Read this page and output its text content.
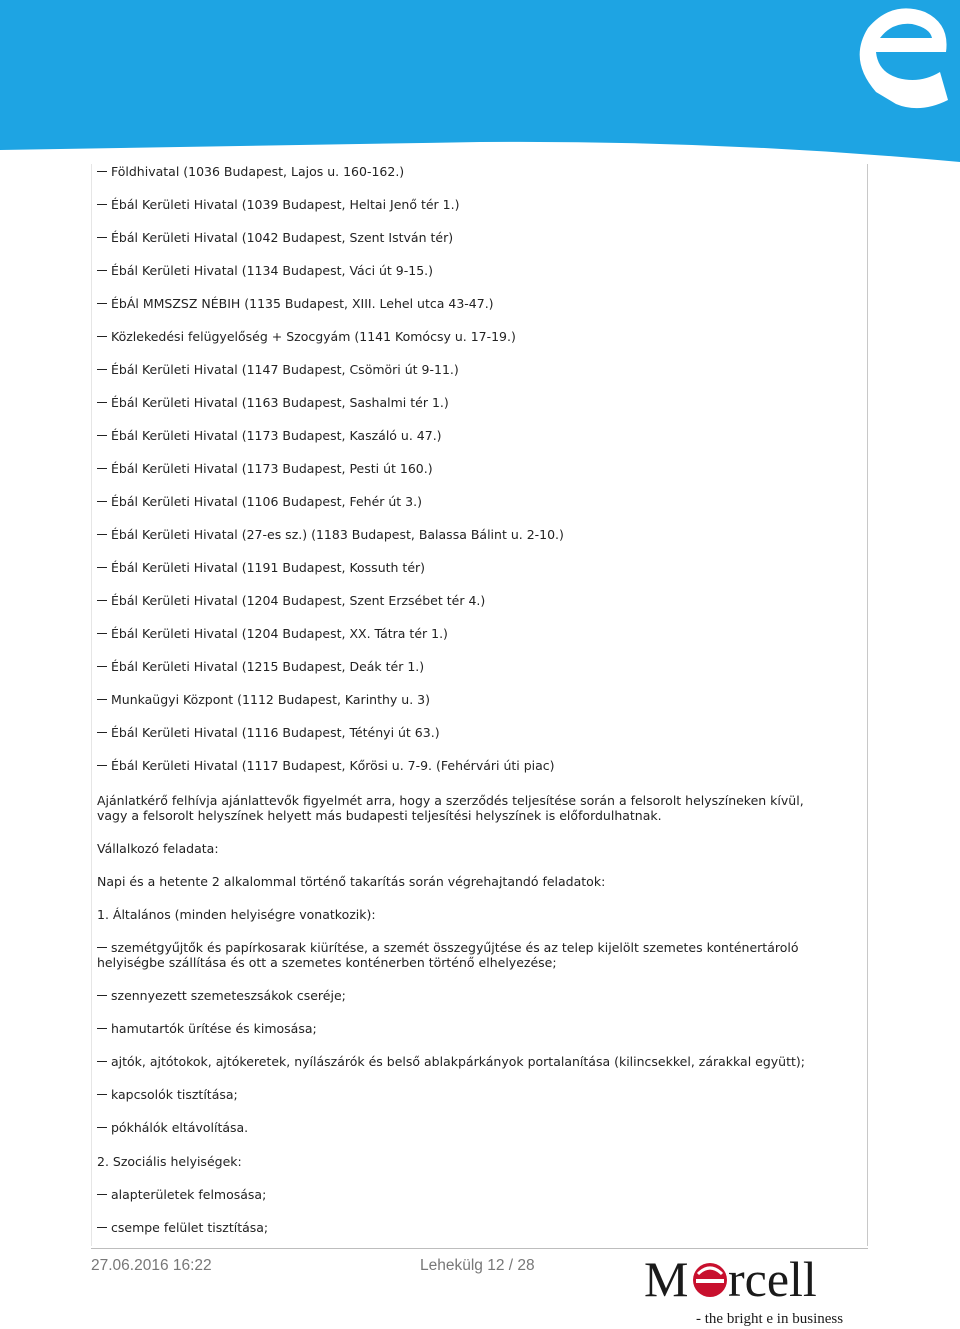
Földhivatal (1036 Budapest, Lajos u. 160-162.)
Ébál Kerületi Hivatal (1039 Budapest, Heltai Jenő tér 1.)
Ébál Kerületi Hivatal (1042 Budapest, Szent István tér)
Ébál Kerületi Hivatal (1134 Budapest, Váci út 9-15.)
ÉbÁl MMSZSZ NÉBIH (1135 Budapest, XIII. Lehel utca 43-47.)
Közlekedési felügyelőség + Szocgyám (1141 Komócsy u. 17-19.)
Ébál Kerületi Hivatal (1147 Budapest, Csömöri út 9-11.)
Ébál Kerületi Hivatal (1163 Budapest, Sashalmi tér 1.)
Ébál Kerületi Hivatal (1173 Budapest, Kaszáló u. 47.)
Ébál Kerületi Hivatal (1173 Budapest, Pesti út 160.)
Ébál Kerületi Hivatal (1106 Budapest, Fehér út 3.)
Ébál Kerületi Hivatal (27-es sz.) (1183 Budapest, Balassa Bálint u. 2-10.)
Ébál Kerületi Hivatal (1191 Budapest, Kossuth tér)
Ébál Kerületi Hivatal (1204 Budapest, Szent Erzsébet tér 4.)
Ébál Kerületi Hivatal (1204 Budapest, XX. Tátra tér 1.)
Ébál Kerületi Hivatal (1215 Budapest, Deák tér 1.)
Munkaügyi Központ (1112 Budapest, Karinthy u. 3)
Ébál Kerületi Hivatal (1116 Budapest, Tétényi út 63.)
Ébál Kerületi Hivatal (1117 Budapest, Kőrösi u. 7-9. (Fehérvári úti piac)
Ajánlatkérő felhívja ajánlattevők figyelmét arra, hogy a szerződés teljesítése során a felsorolt helyszíneken kívül, vagy a felsorolt helyszínek helyett más budapesti teljesítési helyszínek is előfordulhatnak.
Vállalkozó feladata:
Napi és a hetente 2 alkalommal történő takarítás során végrehajtandó feladatok:
1. Általános (minden helyiségre vonatkozik):
szemétgyűjtők és papírkosarak kiürítése, a szemét összegyűjtése és az telep kijelölt szemetes konténertároló helyiségbe szállítása és ott a szemetes konténerben történő elhelyezése;
szennyezett szemeteszsákok cseréje;
hamutartók ürítése és kimosása;
ajtók, ajtótokok, ajtókeretek, nyílászárók és belső ablakpárkányok portalanítása (kilincsekkel, zárakkal együtt);
kapcsolók tisztítása;
pókhálók eltávolítása.
2. Szociális helyiségek:
alapterületek felmosása;
csempe felület tisztítása;
27.06.2016 16:22	Lehekülg 12 / 28 M rcell
- the bright e in business
